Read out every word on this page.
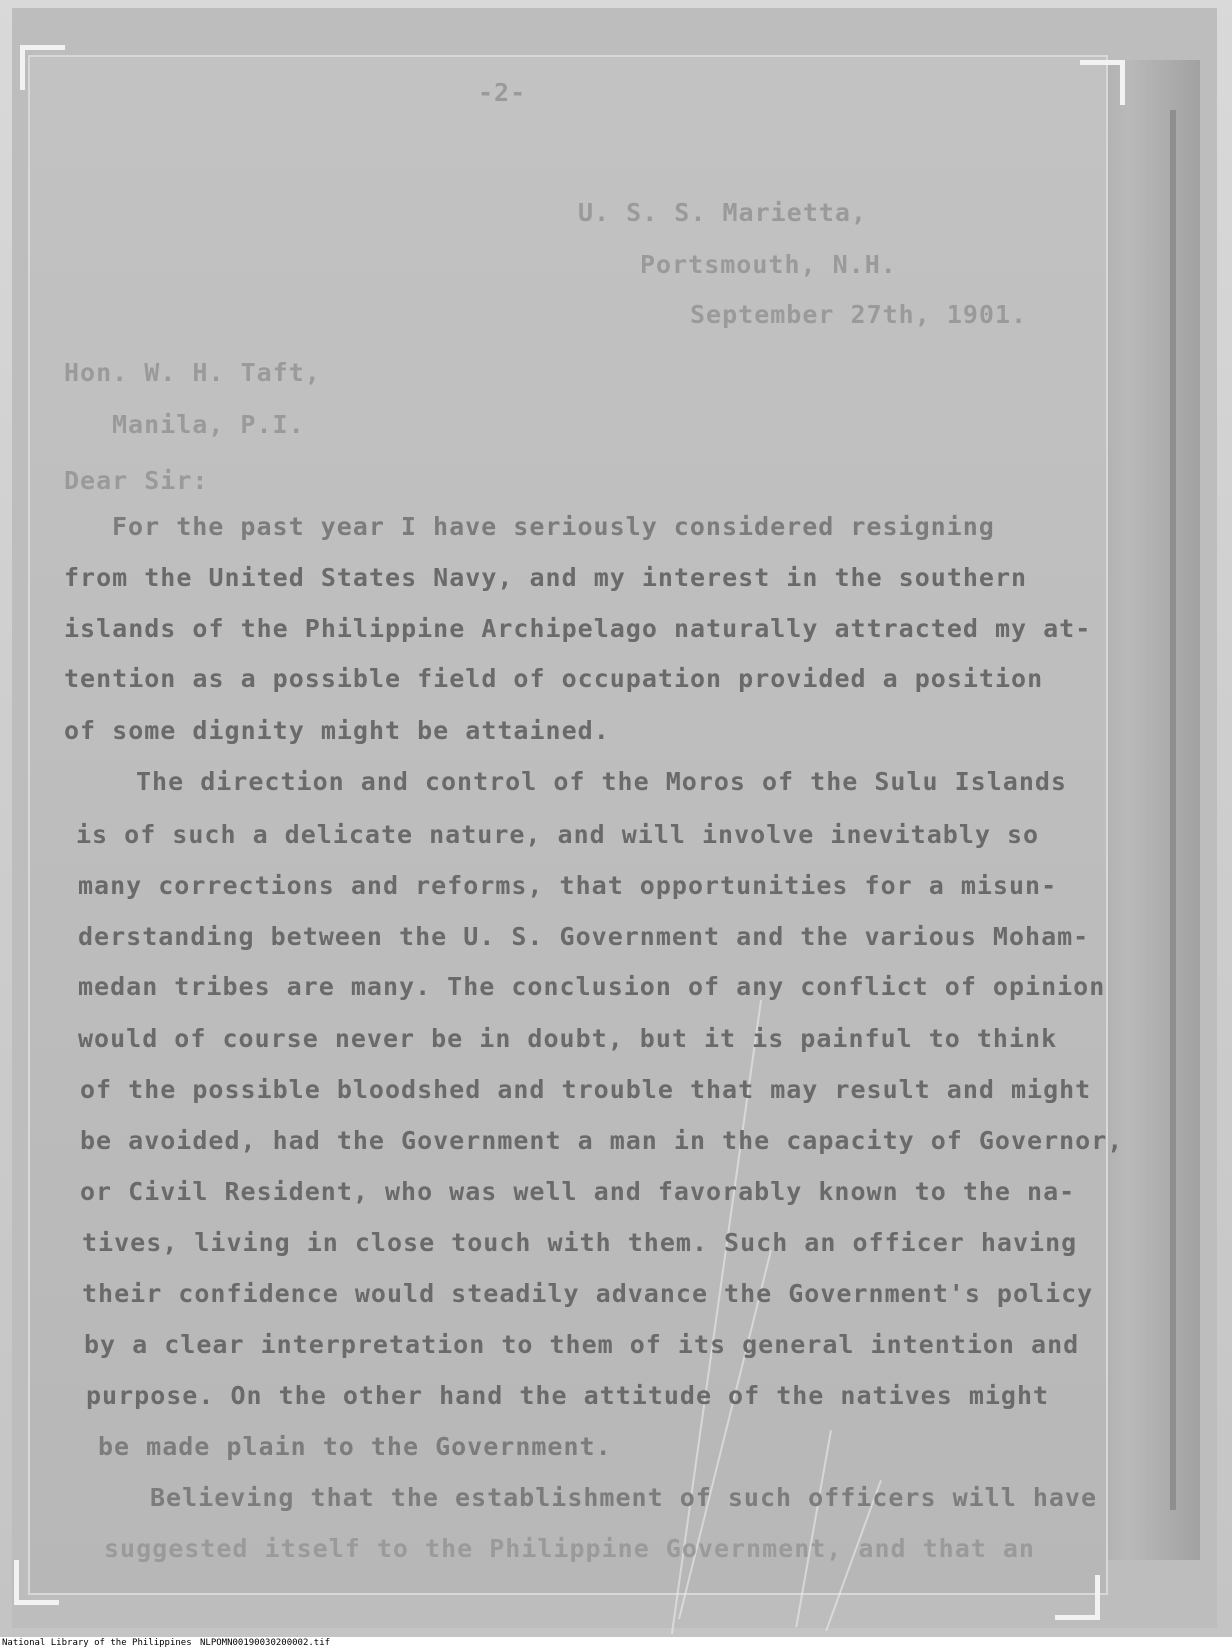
-2-
U. S. S. Marietta,
Portsmouth, N.H.
September 27th, 1901.
Hon. W. H. Taft,
Manila, P.I.
Dear Sir:
For the past year I have seriously considered resigning
from the United States Navy, and my interest in the southern
islands of the Philippine Archipelago naturally attracted my at-
tention as a possible field of occupation provided a position
of some dignity might be attained.
The direction and control of the Moros of the Sulu Islands
is of such a delicate nature, and will involve inevitably so
many corrections and reforms, that opportunities for a misun-
derstanding between the U. S. Government and the various Moham-
medan tribes are many. The conclusion of any conflict of opinion
would of course never be in doubt, but it is painful to think
of the possible bloodshed and trouble that may result and might
be avoided, had the Government a man in the capacity of Governor,
or Civil Resident, who was well and favorably known to the na-
tives, living in close touch with them. Such an officer having
their confidence would steadily advance the Government's policy
by a clear interpretation to them of its general intention and
purpose. On the other hand the attitude of the natives might
be made plain to the Government.
Believing that the establishment of such officers will have
suggested itself to the Philippine Government, and that an
National Library of the Philippines NLPOMN00190030200002.tif
